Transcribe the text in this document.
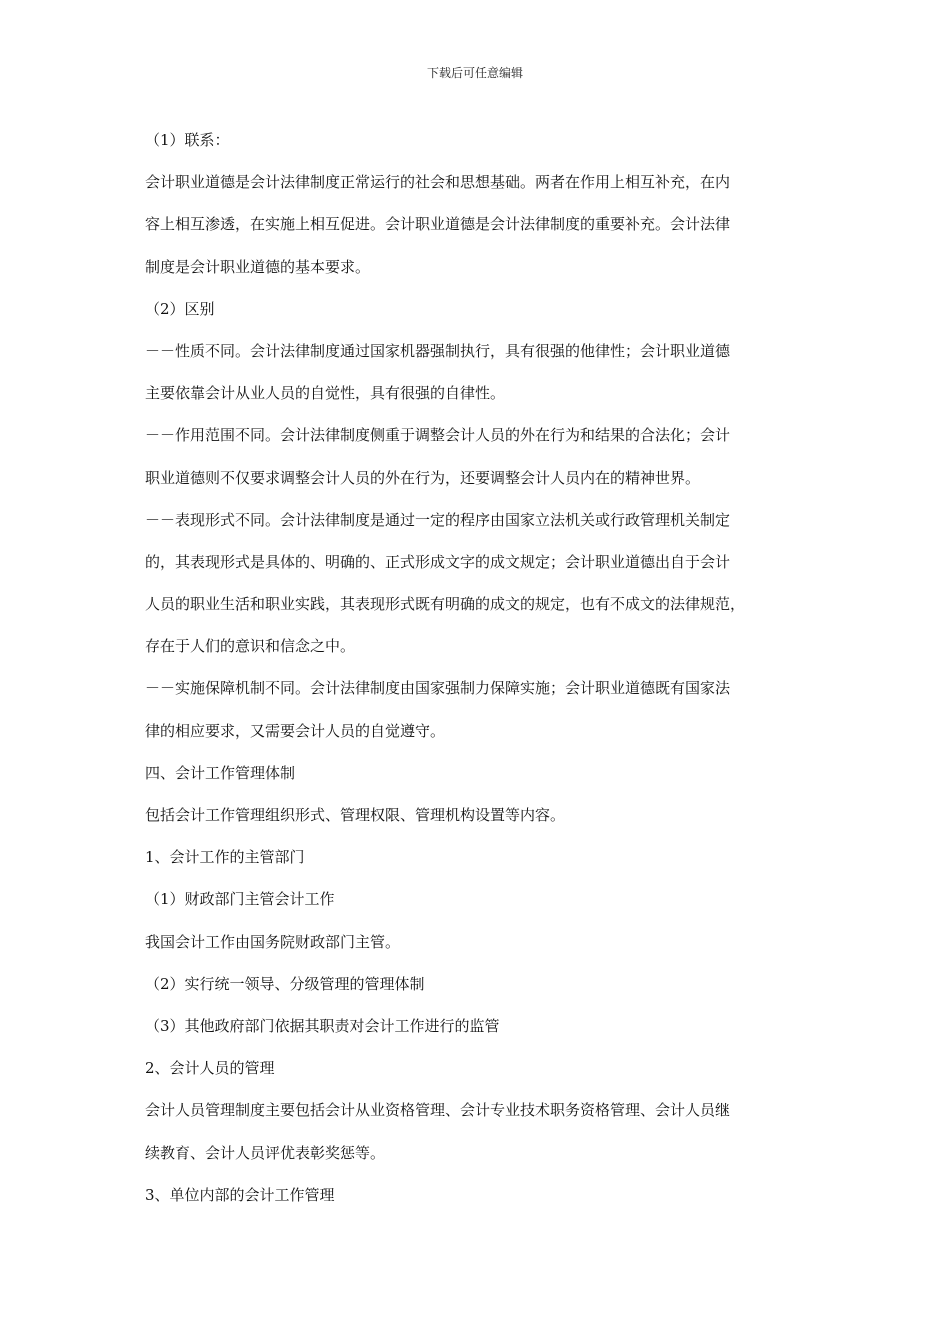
下载后可任意编辑
（1）联系：
会计职业道德是会计法律制度正常运行的社会和思想基础。两者在作用上相互补充，在内
容上相互渗透，在实施上相互促进。会计职业道德是会计法律制度的重要补充。会计法律
制度是会计职业道德的基本要求。
（2）区别
－－性质不同。会计法律制度通过国家机器强制执行，具有很强的他律性；会计职业道德
主要依靠会计从业人员的自觉性，具有很强的自律性。
－－作用范围不同。会计法律制度侧重于调整会计人员的外在行为和结果的合法化；会计
职业道德则不仅要求调整会计人员的外在行为，还要调整会计人员内在的精神世界。
－－表现形式不同。会计法律制度是通过一定的程序由国家立法机关或行政管理机关制定
的，其表现形式是具体的、明确的、正式形成文字的成文规定；会计职业道德出自于会计
人员的职业生活和职业实践，其表现形式既有明确的成文的规定，也有不成文的法律规范，
存在于人们的意识和信念之中。
－－实施保障机制不同。会计法律制度由国家强制力保障实施；会计职业道德既有国家法
律的相应要求，又需要会计人员的自觉遵守。
四、会计工作管理体制
包括会计工作管理组织形式、管理权限、管理机构设置等内容。
1、会计工作的主管部门
（1）财政部门主管会计工作
我国会计工作由国务院财政部门主管。
（2）实行统一领导、分级管理的管理体制
（3）其他政府部门依据其职责对会计工作进行的监管
2、会计人员的管理
会计人员管理制度主要包括会计从业资格管理、会计专业技术职务资格管理、会计人员继
续教育、会计人员评优表彰奖惩等。
3、单位内部的会计工作管理
